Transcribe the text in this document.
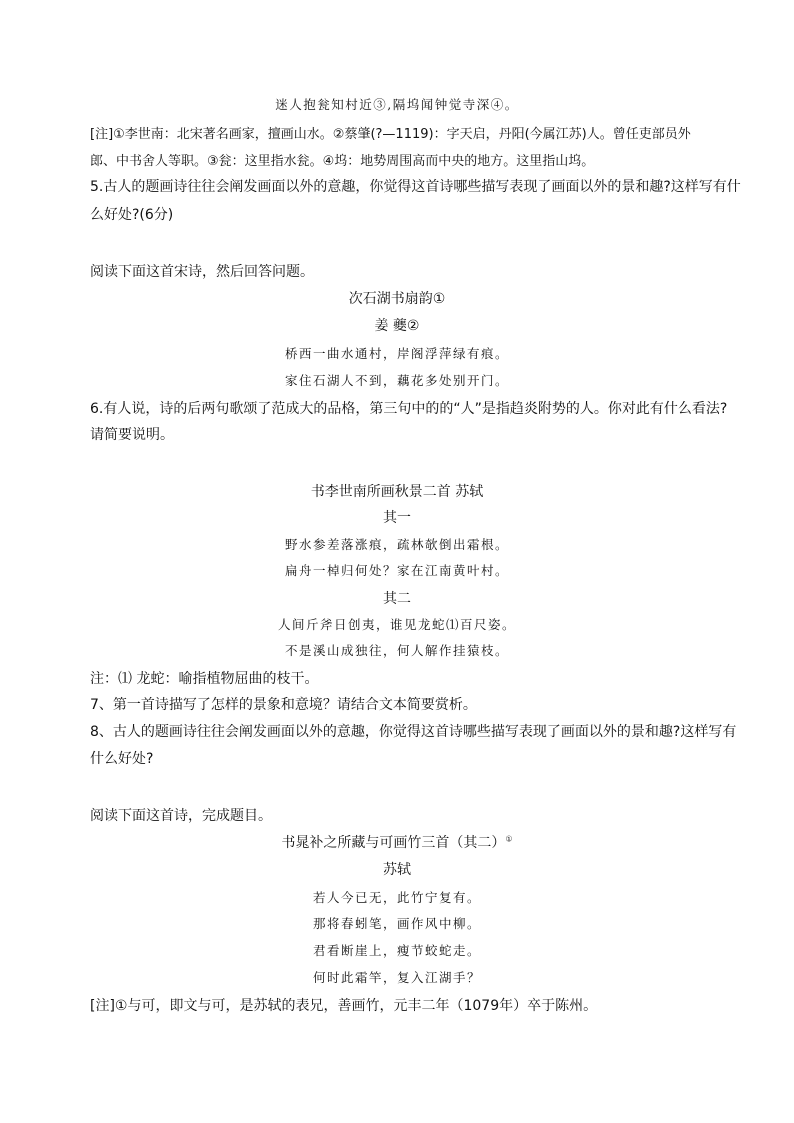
迷人抱瓮知村近③,隔坞闻钟觉寺深④。
[注]①李世南：北宋著名画家，擅画山水。②蔡肇(?—1119)：字天启，丹阳(今属江苏)人。曾任吏部员外
郎、中书舍人等职。③瓮：这里指水瓮。④坞：地势周围高而中央的地方。这里指山坞。
5.古人的题画诗往往会阐发画面以外的意趣，你觉得这首诗哪些描写表现了画面以外的景和趣?这样写有什
么好处?(6分)
阅读下面这首宋诗，然后回答问题。
次石湖书扇韵①
姜 夔②
桥西一曲水通村，岸阁浮萍绿有痕。
家住石湖人不到，藕花多处别开门。
6.有人说，诗的后两句歌颂了范成大的品格，第三句中的的“人”是指趋炎附势的人。你对此有什么看法?
请简要说明。
书李世南所画秋景二首 苏轼
其一
野水参差落涨痕，疏林欹倒出霜根。
扁舟一棹归何处？家在江南黄叶村。
其二
人间斤斧日创夷，谁见龙蛇⑴百尺姿。
不是溪山成独往，何人解作挂猿枝。
注：⑴ 龙蛇：喻指植物屈曲的枝干。
7、第一首诗描写了怎样的景象和意境？请结合文本简要赏析。
8、古人的题画诗往往会阐发画面以外的意趣，你觉得这首诗哪些描写表现了画面以外的景和趣?这样写有
什么好处?
阅读下面这首诗，完成题目。
书晁补之所藏与可画竹三首（其二）①
苏轼
若人今已无，此竹宁复有。
那将春蚓笔，画作风中柳。
君看断崖上，瘦节蛟蛇走。
何时此霜竿，复入江湖手？
[注]①与可，即文与可，是苏轼的表兄，善画竹，元丰二年（1079年）卒于陈州。
